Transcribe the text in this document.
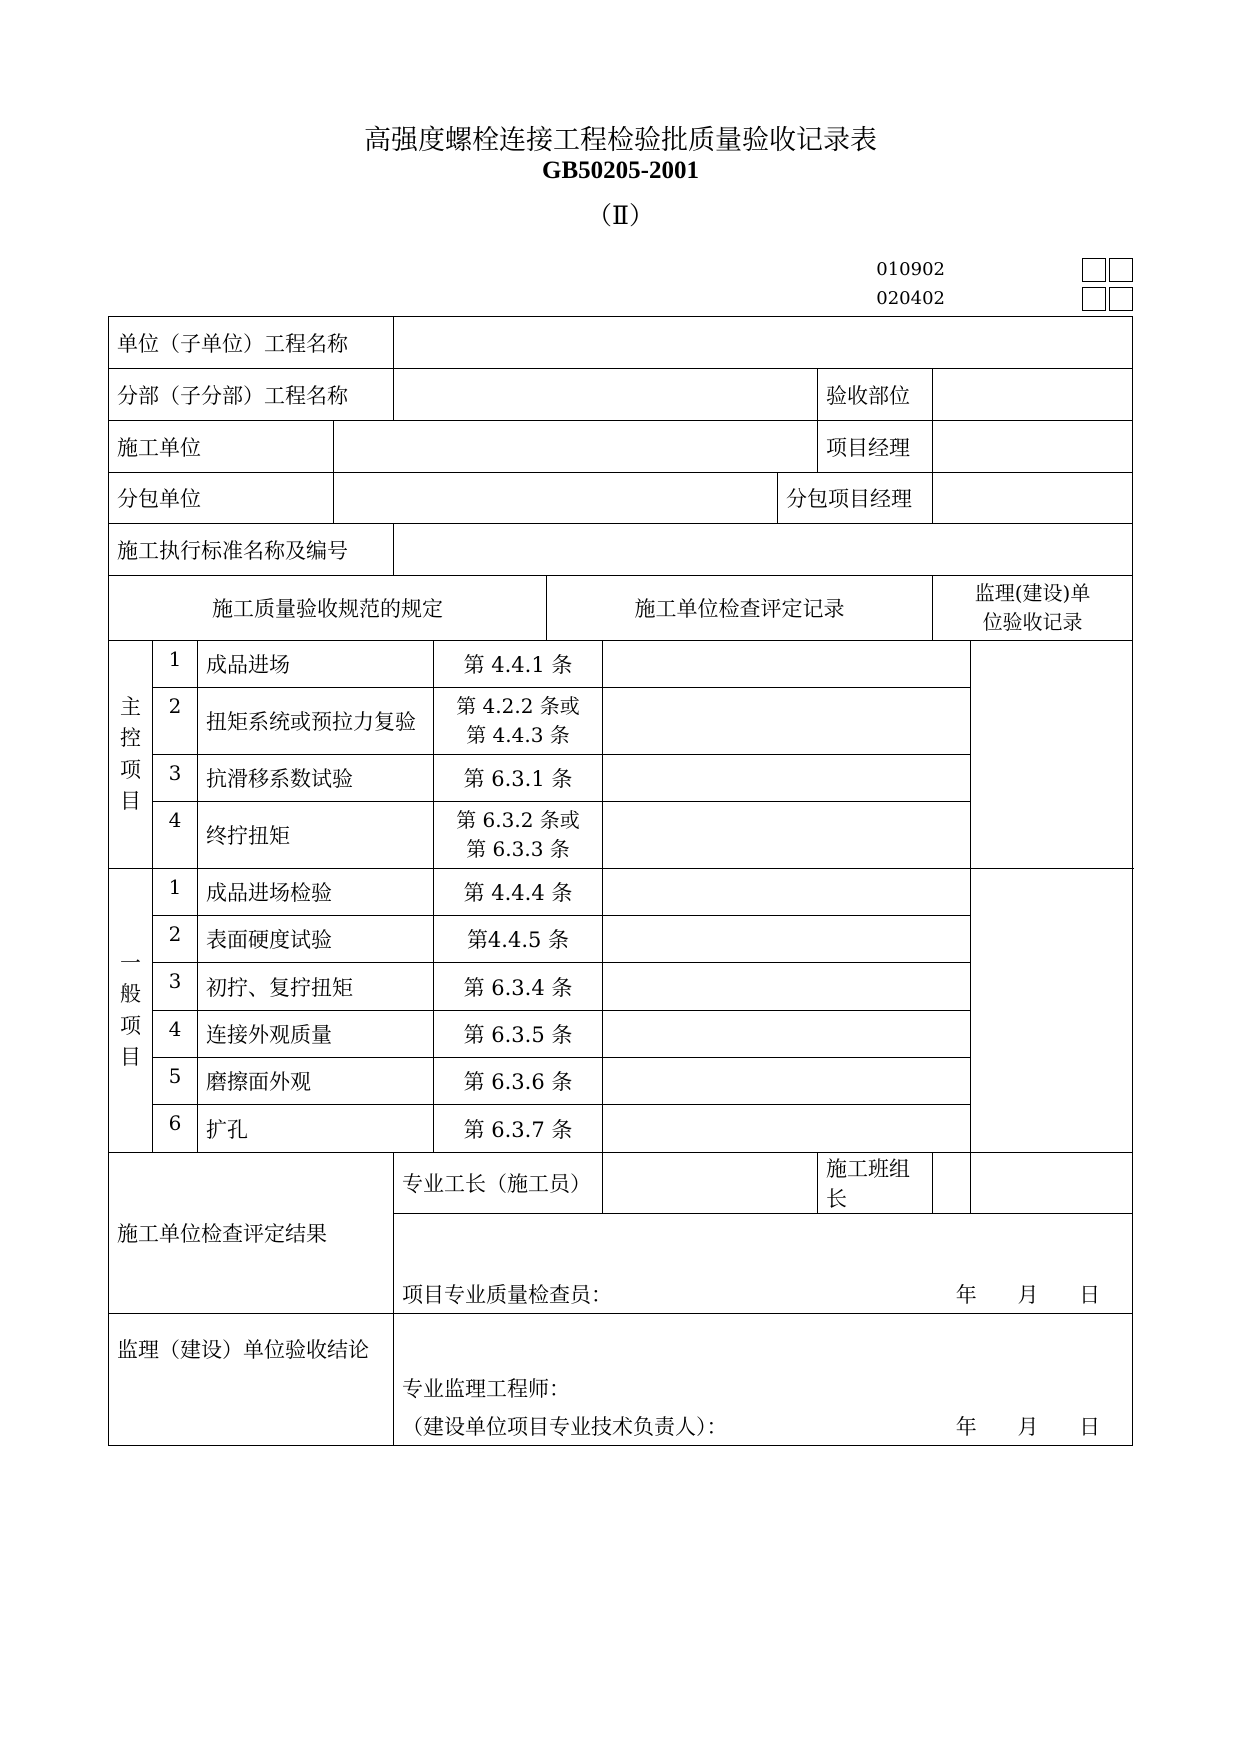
高强度螺栓连接工程检验批质量验收记录表
GB50205-2001
（Ⅱ）
010902
020402
单位（子单位）工程名称											
分部（子分部）工程名称									验收部位		
施工单位									项目经理		
分包单位								分包项目经理			
施工执行标准名称及编号											
施工质量验收规范的规定						施工单位检查评定记录				监理(建设)单
位验收记录	

主
控
项
目	1	成品进场			第 4.4.1 条						
	2	扭矩系统或预拉力复验			第 4.2.2 条或
第 4.4.3 条						

	3	抗滑移系数试验			第 6.3.1 条						
	4	终拧扭矩			第 6.3.2 条或
第 6.3.3 条						

一
般
项
目	1	成品进场检验			第 4.4.4 条						
	2	表面硬度试验			第4.4.5 条						
	3	初拧、复拧扭矩			第 6.3.4 条						
	4	连接外观质量			第 6.3.5 条						
	5	磨擦面外观			第 6.3.6 条						
	6	扩孔			第 6.3.7 条						
施工单位检查评定结果				专业工长（施工员）					施工班组长		

				项目专业质量检查员： 年 月 日							

监理（建设）单位验收结论				专业监理工程师：
（建设单位项目专业技术负责人）： 年 月 日							
